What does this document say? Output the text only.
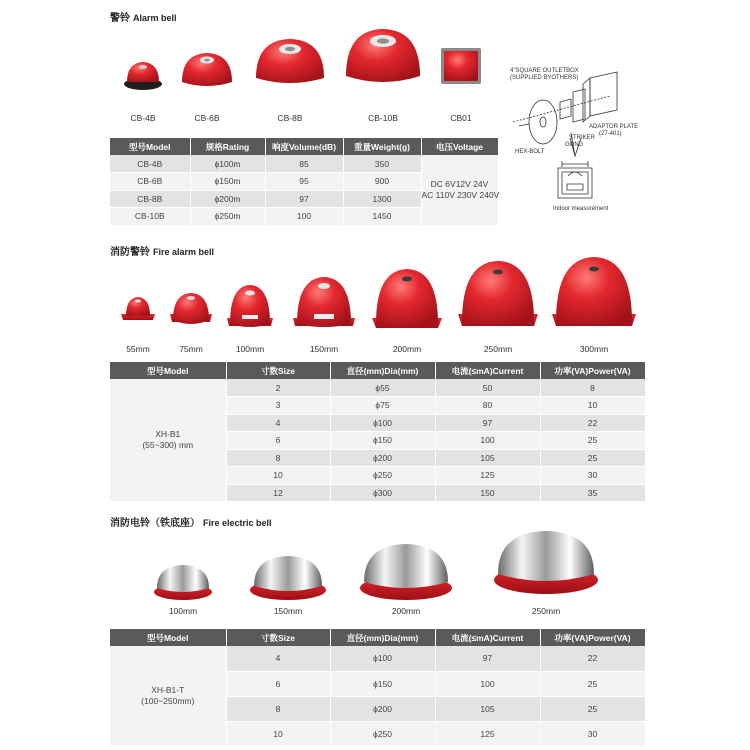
警铃 Alarm bell
CB-4B	CB-6B	CB-8B	CB-10B	CB01
4"SQUARE OUTLETBOX
(SUPPLIED BYOTHERS)
ADAPTOR PLATE
(27-401)
STRIKER
GONG
HEX-BOLT
Indoor measurement
型号Model	规格Rating	响度Volume(dB)	重量Weight(g)	电压Voltage
CB-4B	ϕ100m	85	350	DC 6V12V 24V
AC 110V 230V 240V
CB-6B	ϕ150m	95	900	
CB-8B	ϕ200m	97	1300	
CB-10B	ϕ250m	100	1450	
消防警铃 Fire alarm bell
55mm	75mm	100mm	150mm	200mm	250mm	300mm
型号Model	寸数Size	直径(mm)Dia(mm)	电流(≤mA)Current	功率(VA)Power(VA)
XH-B1
(55~300) mm	2	ϕ55	50	8
	3	ϕ75	80	10
	4	ϕ100	97	22
	6	ϕ150	100	25
	8	ϕ200	105	25
	10	ϕ250	125	30
	12	ϕ300	150	35
消防电铃（铁底座） Fire electric bell
100mm	150mm	200mm	250mm
型号Model	寸数Size	直径(mm)Dia(mm)	电流(≤mA)Current	功率(VA)Power(VA)
XH-B1-T
(100~250mm)	4	ϕ100	97	22
	6	ϕ150	100	25
	8	ϕ200	105	25
	10	ϕ250	125	30
